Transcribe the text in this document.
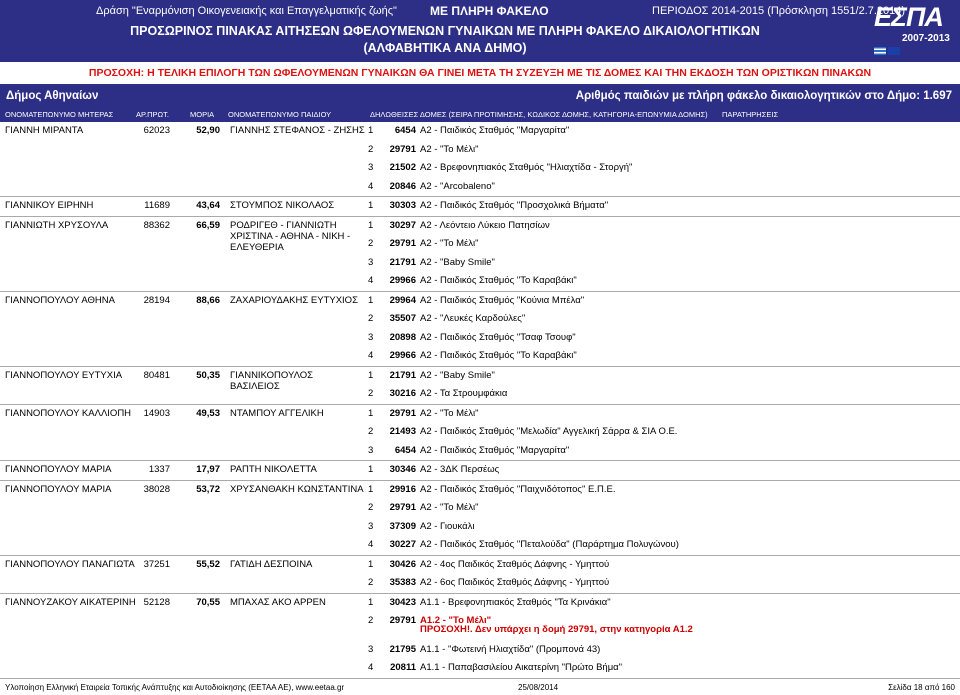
Δράση "Εναρμόνιση Οικογενειακής και Επαγγελματικής ζωής"	ΜΕ ΠΛΗΡΗ ΦΑΚΕΛΟ	ΠΕΡΙΟΔΟΣ 2014-2015 (Πρόσκληση 1551/2.7.2014)
ΠΡΟΣΩΡΙΝΟΣ ΠΙΝΑΚΑΣ ΑΙΤΗΣΕΩΝ ΩΦΕΛΟΥΜΕΝΩΝ ΓΥΝΑΙΚΩΝ ΜΕ ΠΛΗΡΗ ΦΑΚΕΛΟ ΔΙΚΑΙΟΛΟΓΗΤΙΚΩΝ
(ΑΛΦΑΒΗΤΙΚΑ ΑΝΑ ΔΗΜΟ)
ΕΣΠΑ
2007-2013
ΠΡΟΣΟΧΗ: Η ΤΕΛΙΚΗ ΕΠΙΛΟΓΗ ΤΩΝ ΩΦΕΛΟΥΜΕΝΩΝ ΓΥΝΑΙΚΩΝ ΘΑ ΓΙΝΕΙ ΜΕΤΑ ΤΗ ΣΥΖΕΥΞΗ ΜΕ ΤΙΣ ΔΟΜΕΣ ΚΑΙ ΤΗΝ ΕΚΔΟΣΗ ΤΩΝ ΟΡΙΣΤΙΚΩΝ ΠΙΝΑΚΩΝ
Δήμος Αθηναίων	Αριθμός παιδιών με πλήρη φάκελο δικαιολογητικών στο Δήμο: 1.697
ΟΝΟΜΑΤΕΠΩΝΥΜΟ ΜΗΤΕΡΑΣ	ΑΡ.ΠΡΩΤ.	ΜΟΡΙΑ ΟΝΟΜΑΤΕΠΩΝΥΜΟ ΠΑΙΔΙΟΥ	ΔΗΛΩΘΕΙΣΕΣ ΔΟΜΕΣ (ΣΕΙΡΑ ΠΡΟΤΙΜΗΣΗΣ, ΚΩΔΙΚΟΣ ΔΟΜΗΣ, ΚΑΤΗΓΟΡΙΑ-ΕΠΩΝΥΜΙΑ ΔΟΜΗΣ) ΠΑΡΑΤΗΡΗΣΕΙΣ
ΓΙΑΝΝΗ ΜΙΡΑΝΤΑ	62023	52,90 ΓΙΑΝΝΗΣ ΣΤΕΦΑΝΟΣ - ΖΗΣΗΣ 1	6454 Α2 - Παιδικός Σταθμός "Μαργαρίτα"
2	29791 Α2 - "Το Μέλι"
3	21502 Α2 - Βρεφονηπιακός Σταθμός "Ηλιαχτίδα - Στοργή"
4	20846 Α2 - "Arcobaleno"
ΓΙΑΝΝΙΚΟΥ ΕΙΡΗΝΗ	11689	43,64 ΣΤΟΥΜΠΟΣ ΝΙΚΟΛΑΟΣ	1	30303 Α2 - Παιδικός Σταθμός "Προσχολικά Βήματα"
ΓΙΑΝΝΙΩΤΗ ΧΡΥΣΟΥΛΑ	88362	66,59 ΡΟΔΡΙΓΕΘ - ΓΙΑΝΝΙΩΤΗ ΧΡΙΣΤΙΝΑ - ΑΘΗΝΑ - ΝΙΚΗ - ΕΛΕΥΘΕΡΙΑ
1	30297 Α2 - Λεόντειο Λύκειο Πατησίων
2	29791 Α2 - "Το Μέλι"
3	21791 Α2 - "Baby Smile"
4	29966 Α2 - Παιδικός Σταθμός "Το Καραβάκι"
ΓΙΑΝΝΟΠΟΥΛΟΥ ΑΘΗΝΑ	28194	88,66 ΖΑΧΑΡΙΟΥΔΑΚΗΣ ΕΥΤΥΧΙΟΣ	1	29964 Α2 - Παιδικός Σταθμός "Κούνια Μπέλα"
2	35507 Α2 - "Λευκές Καρδούλες"
3	20898 Α2 - Παιδικός Σταθμός "Τσαφ Τσουφ"
4	29966 Α2 - Παιδικός Σταθμός "Το Καραβάκι"
ΓΙΑΝΝΟΠΟΥΛΟΥ ΕΥΤΥΧΙΑ	80481	50,35 ΓΙΑΝΝΙΚΟΠΟΥΛΟΣ ΒΑΣΙΛΕΙΟΣ
1	21791 Α2 - "Baby Smile"
2	30216 Α2 - Τα Στρουμφάκια
ΓΙΑΝΝΟΠΟΥΛΟΥ ΚΑΛΛΙΟΠΗ	14903	49,53 ΝΤΑΜΠΟΥ ΑΓΓΕΛΙΚΗ	1	29791 Α2 - "Το Μέλι"
2	21493 Α2 - Παιδικός Σταθμός "Μελωδία" Αγγελική Σάρρα & ΣΙΑ Ο.Ε.
3	6454 Α2 - Παιδικός Σταθμός "Μαργαρίτα"
ΓΙΑΝΝΟΠΟΥΛΟΥ ΜΑΡΙΑ	1337	17,97 ΡΑΠΤΗ ΝΙΚΟΛΕΤΤΑ	1	30346 Α2 - 3ΔΚ Περσέως
ΓΙΑΝΝΟΠΟΥΛΟΥ ΜΑΡΙΑ	38028	53,72 ΧΡΥΣΑΝΘΑΚΗ ΚΩΝΣΤΑΝΤΙΝΑ 1	29916 Α2 - Παιδικός Σταθμός "Παιχνιδότοπος" Ε.Π.Ε.
2	29791 Α2 - "Το Μέλι"
3	37309 Α2 - Γιουκάλι
4	30227 Α2 - Παιδικός Σταθμός "Πεταλούδα" (Παράρτημα Πολυγώνου)
ΓΙΑΝΝΟΠΟΥΛΟΥ ΠΑΝΑΓΙΩΤΑ 37251	55,52 ΓΑΤΙΔΗ ΔΕΣΠΟΙΝΑ	1	30426 Α2 - 4ος Παιδικός Σταθμός Δάφνης - Υμηττού
2	35383 Α2 - 6ος Παιδικός Σταθμός Δάφνης - Υμηττού
ΓΙΑΝΝΟΥΖΑΚΟΥ ΑΙΚΑΤΕΡΙΝΗ 52128	70,55 ΜΠΑΧΑΣ ΑΚΟ ΑΡΡΕΝ	1	30423 Α1.1 - Βρεφονηπιακός Σταθμός "Τα Κρινάκια"
2	29791 Α1.2 - "Το Μέλι"
ΠΡΟΣΟΧΗ!. Δεν υπάρχει η δομή 29791, στην κατηγορία Α1.2
3	21795 Α1.1 - "Φωτεινή Ηλιαχτίδα" (Προμπονά 43)
4	20811 Α1.1 - Παπαβασιλείου Αικατερίνη "Πρώτο Βήμα"
Υλοποίηση Ελληνική Εταιρεία Τοπικής Ανάπτυξης και Αυτοδιοίκησης (ΕΕΤΑΑ ΑΕ), www.eetaa.gr	25/08/2014	Σελίδα 18 από 160
